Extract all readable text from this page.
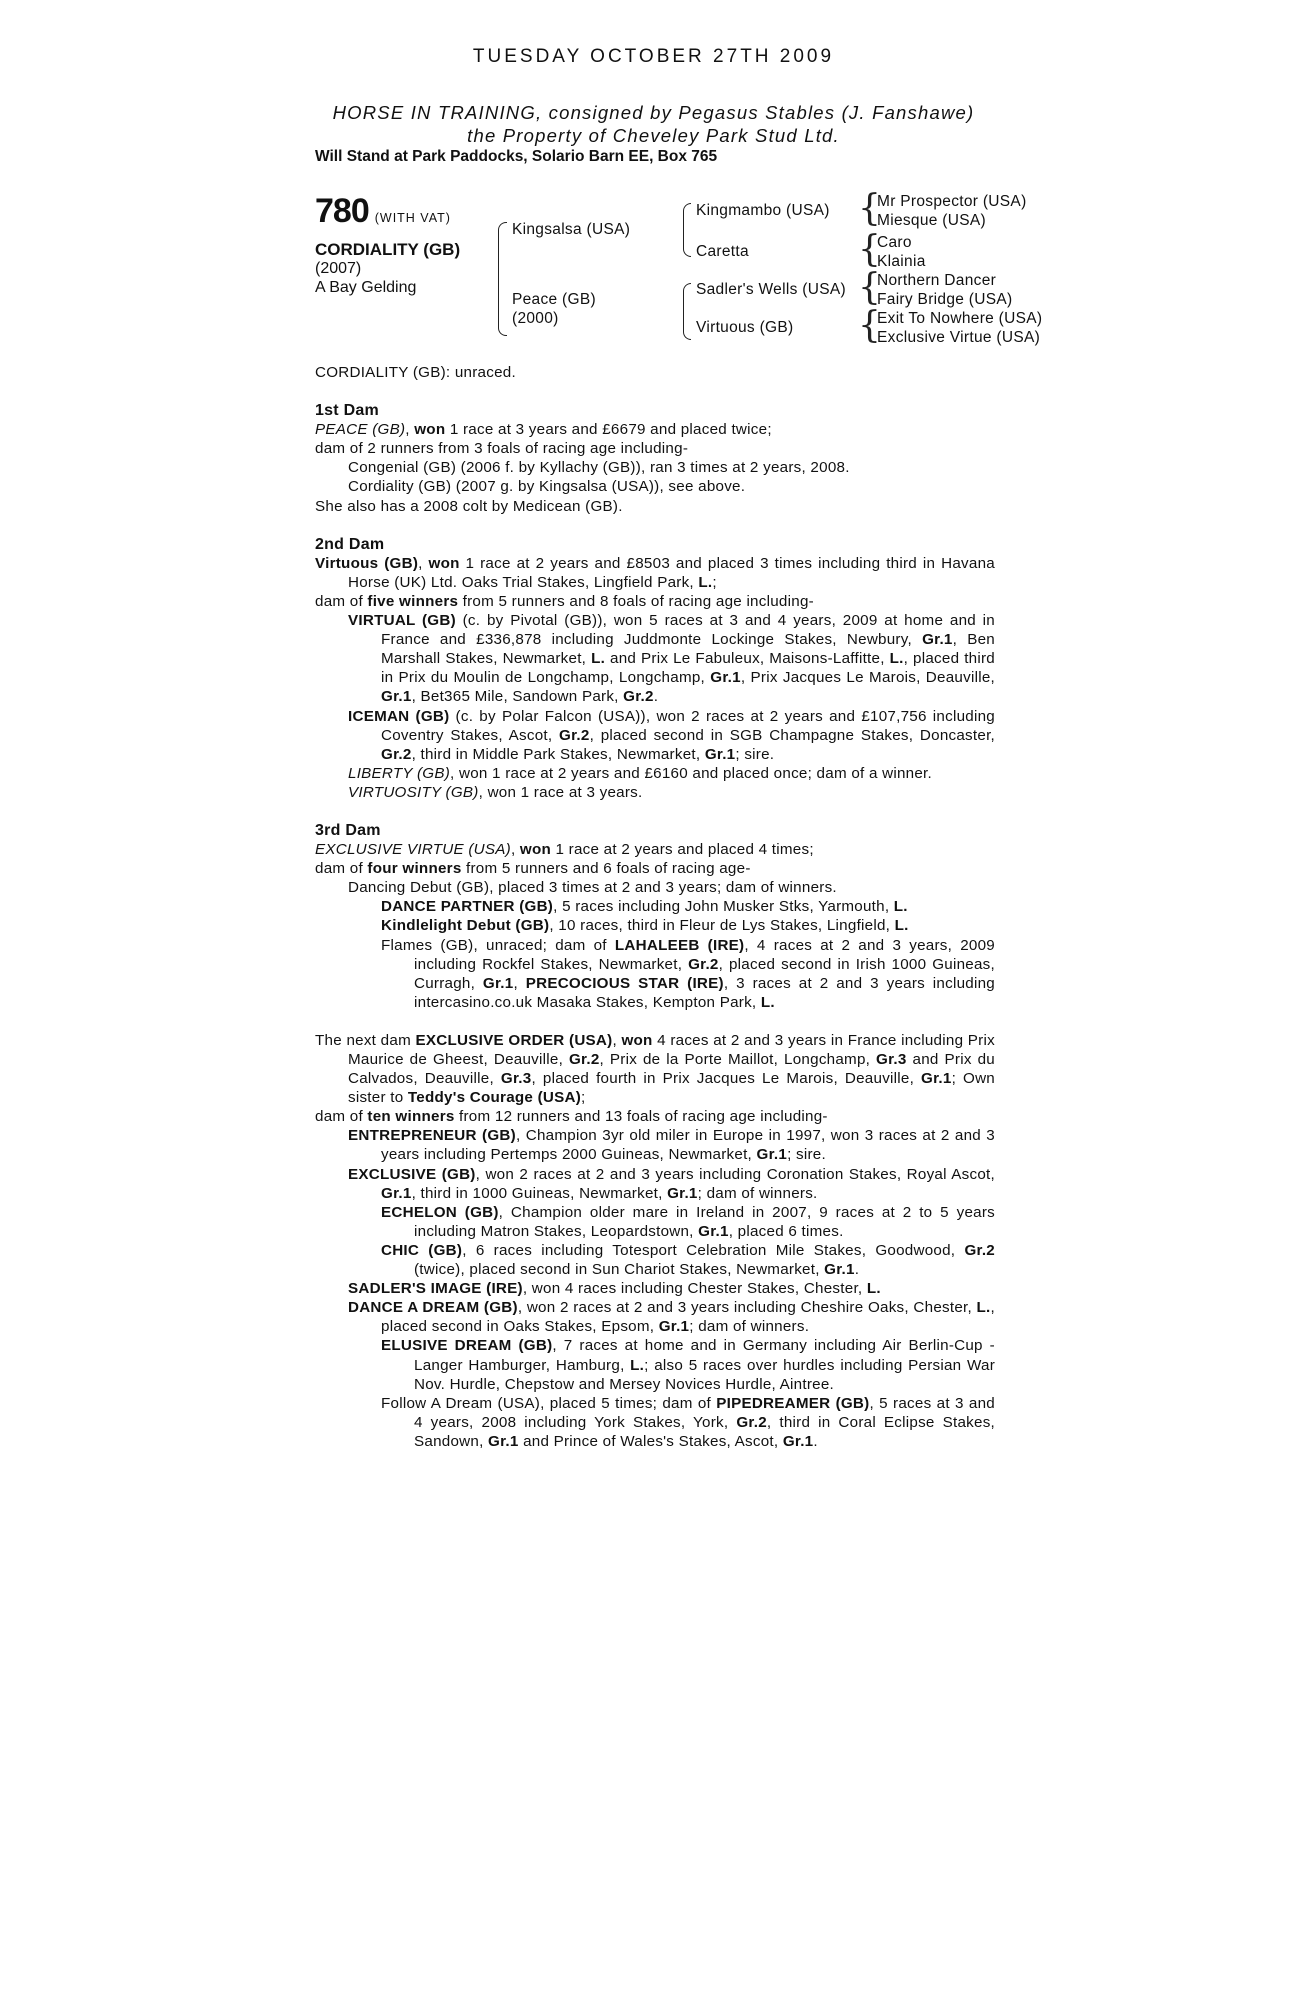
TUESDAY OCTOBER 27TH 2009
HORSE IN TRAINING, consigned by Pegasus Stables (J. Fanshawe)
the Property of Cheveley Park Stud Ltd.
Will Stand at Park Paddocks, Solario Barn EE, Box 765
780 (WITH VAT)
CORDIALITY (GB)
(2007)
A Bay Gelding
Kingsalsa (USA)
Peace (GB)
(2000)
Kingmambo (USA)
Caretta
Sadler's Wells (USA)
Virtuous (GB)
{
Mr Prospector (USA)
Miesque (USA)
{
Caro
Klainia
{
Northern Dancer
Fairy Bridge (USA)
{
Exit To Nowhere (USA)
Exclusive Virtue (USA)

CORDIALITY (GB): unraced.

1st Dam

PEACE (GB), won 1 race at 3 years and £6679 and placed twice;

dam of 2 runners from 3 foals of racing age including-

Congenial (GB) (2006 f. by Kyllachy (GB)), ran 3 times at 2 years, 2008.

Cordiality (GB) (2007 g. by Kingsalsa (USA)), see above.

She also has a 2008 colt by Medicean (GB).

2nd Dam

Virtuous (GB), won 1 race at 2 years and £8503 and placed 3 times including third in Havana Horse (UK) Ltd. Oaks Trial Stakes, Lingfield Park, L.;

dam of five winners from 5 runners and 8 foals of racing age including-

VIRTUAL (GB) (c. by Pivotal (GB)), won 5 races at 3 and 4 years, 2009 at home and in France and £336,878 including Juddmonte Lockinge Stakes, Newbury, Gr.1, Ben Marshall Stakes, Newmarket, L. and Prix Le Fabuleux, Maisons-Laffitte, L., placed third in Prix du Moulin de Longchamp, Longchamp, Gr.1, Prix Jacques Le Marois, Deauville, Gr.1, Bet365 Mile, Sandown Park, Gr.2.

ICEMAN (GB) (c. by Polar Falcon (USA)), won 2 races at 2 years and £107,756 including Coventry Stakes, Ascot, Gr.2, placed second in SGB Champagne Stakes, Doncaster, Gr.2, third in Middle Park Stakes, Newmarket, Gr.1; sire.

LIBERTY (GB), won 1 race at 2 years and £6160 and placed once; dam of a winner.

VIRTUOSITY (GB), won 1 race at 3 years.

3rd Dam

EXCLUSIVE VIRTUE (USA), won 1 race at 2 years and placed 4 times;

dam of four winners from 5 runners and 6 foals of racing age-

Dancing Debut (GB), placed 3 times at 2 and 3 years; dam of winners.

DANCE PARTNER (GB), 5 races including John Musker Stks, Yarmouth, L.

Kindlelight Debut (GB), 10 races, third in Fleur de Lys Stakes, Lingfield, L.

Flames (GB), unraced; dam of LAHALEEB (IRE), 4 races at 2 and 3 years, 2009 including Rockfel Stakes, Newmarket, Gr.2, placed second in Irish 1000 Guineas, Curragh, Gr.1, PRECOCIOUS STAR (IRE), 3 races at 2 and 3 years including intercasino.co.uk Masaka Stakes, Kempton Park, L.

The next dam EXCLUSIVE ORDER (USA), won 4 races at 2 and 3 years in France including Prix Maurice de Gheest, Deauville, Gr.2, Prix de la Porte Maillot, Longchamp, Gr.3 and Prix du Calvados, Deauville, Gr.3, placed fourth in Prix Jacques Le Marois, Deauville, Gr.1; Own sister to Teddy's Courage (USA);

dam of ten winners from 12 runners and 13 foals of racing age including-

ENTREPRENEUR (GB), Champion 3yr old miler in Europe in 1997, won 3 races at 2 and 3 years including Pertemps 2000 Guineas, Newmarket, Gr.1; sire.

EXCLUSIVE (GB), won 2 races at 2 and 3 years including Coronation Stakes, Royal Ascot, Gr.1, third in 1000 Guineas, Newmarket, Gr.1; dam of winners.

ECHELON (GB), Champion older mare in Ireland in 2007, 9 races at 2 to 5 years including Matron Stakes, Leopardstown, Gr.1, placed 6 times.

CHIC (GB), 6 races including Totesport Celebration Mile Stakes, Goodwood, Gr.2 (twice), placed second in Sun Chariot Stakes, Newmarket, Gr.1.

SADLER'S IMAGE (IRE), won 4 races including Chester Stakes, Chester, L.

DANCE A DREAM (GB), won 2 races at 2 and 3 years including Cheshire Oaks, Chester, L., placed second in Oaks Stakes, Epsom, Gr.1; dam of winners.

ELUSIVE DREAM (GB), 7 races at home and in Germany including Air Berlin-Cup - Langer Hamburger, Hamburg, L.; also 5 races over hurdles including Persian War Nov. Hurdle, Chepstow and Mersey Novices Hurdle, Aintree.

Follow A Dream (USA), placed 5 times; dam of PIPEDREAMER (GB), 5 races at 3 and 4 years, 2008 including York Stakes, York, Gr.2, third in Coral Eclipse Stakes, Sandown, Gr.1 and Prince of Wales's Stakes, Ascot, Gr.1.
